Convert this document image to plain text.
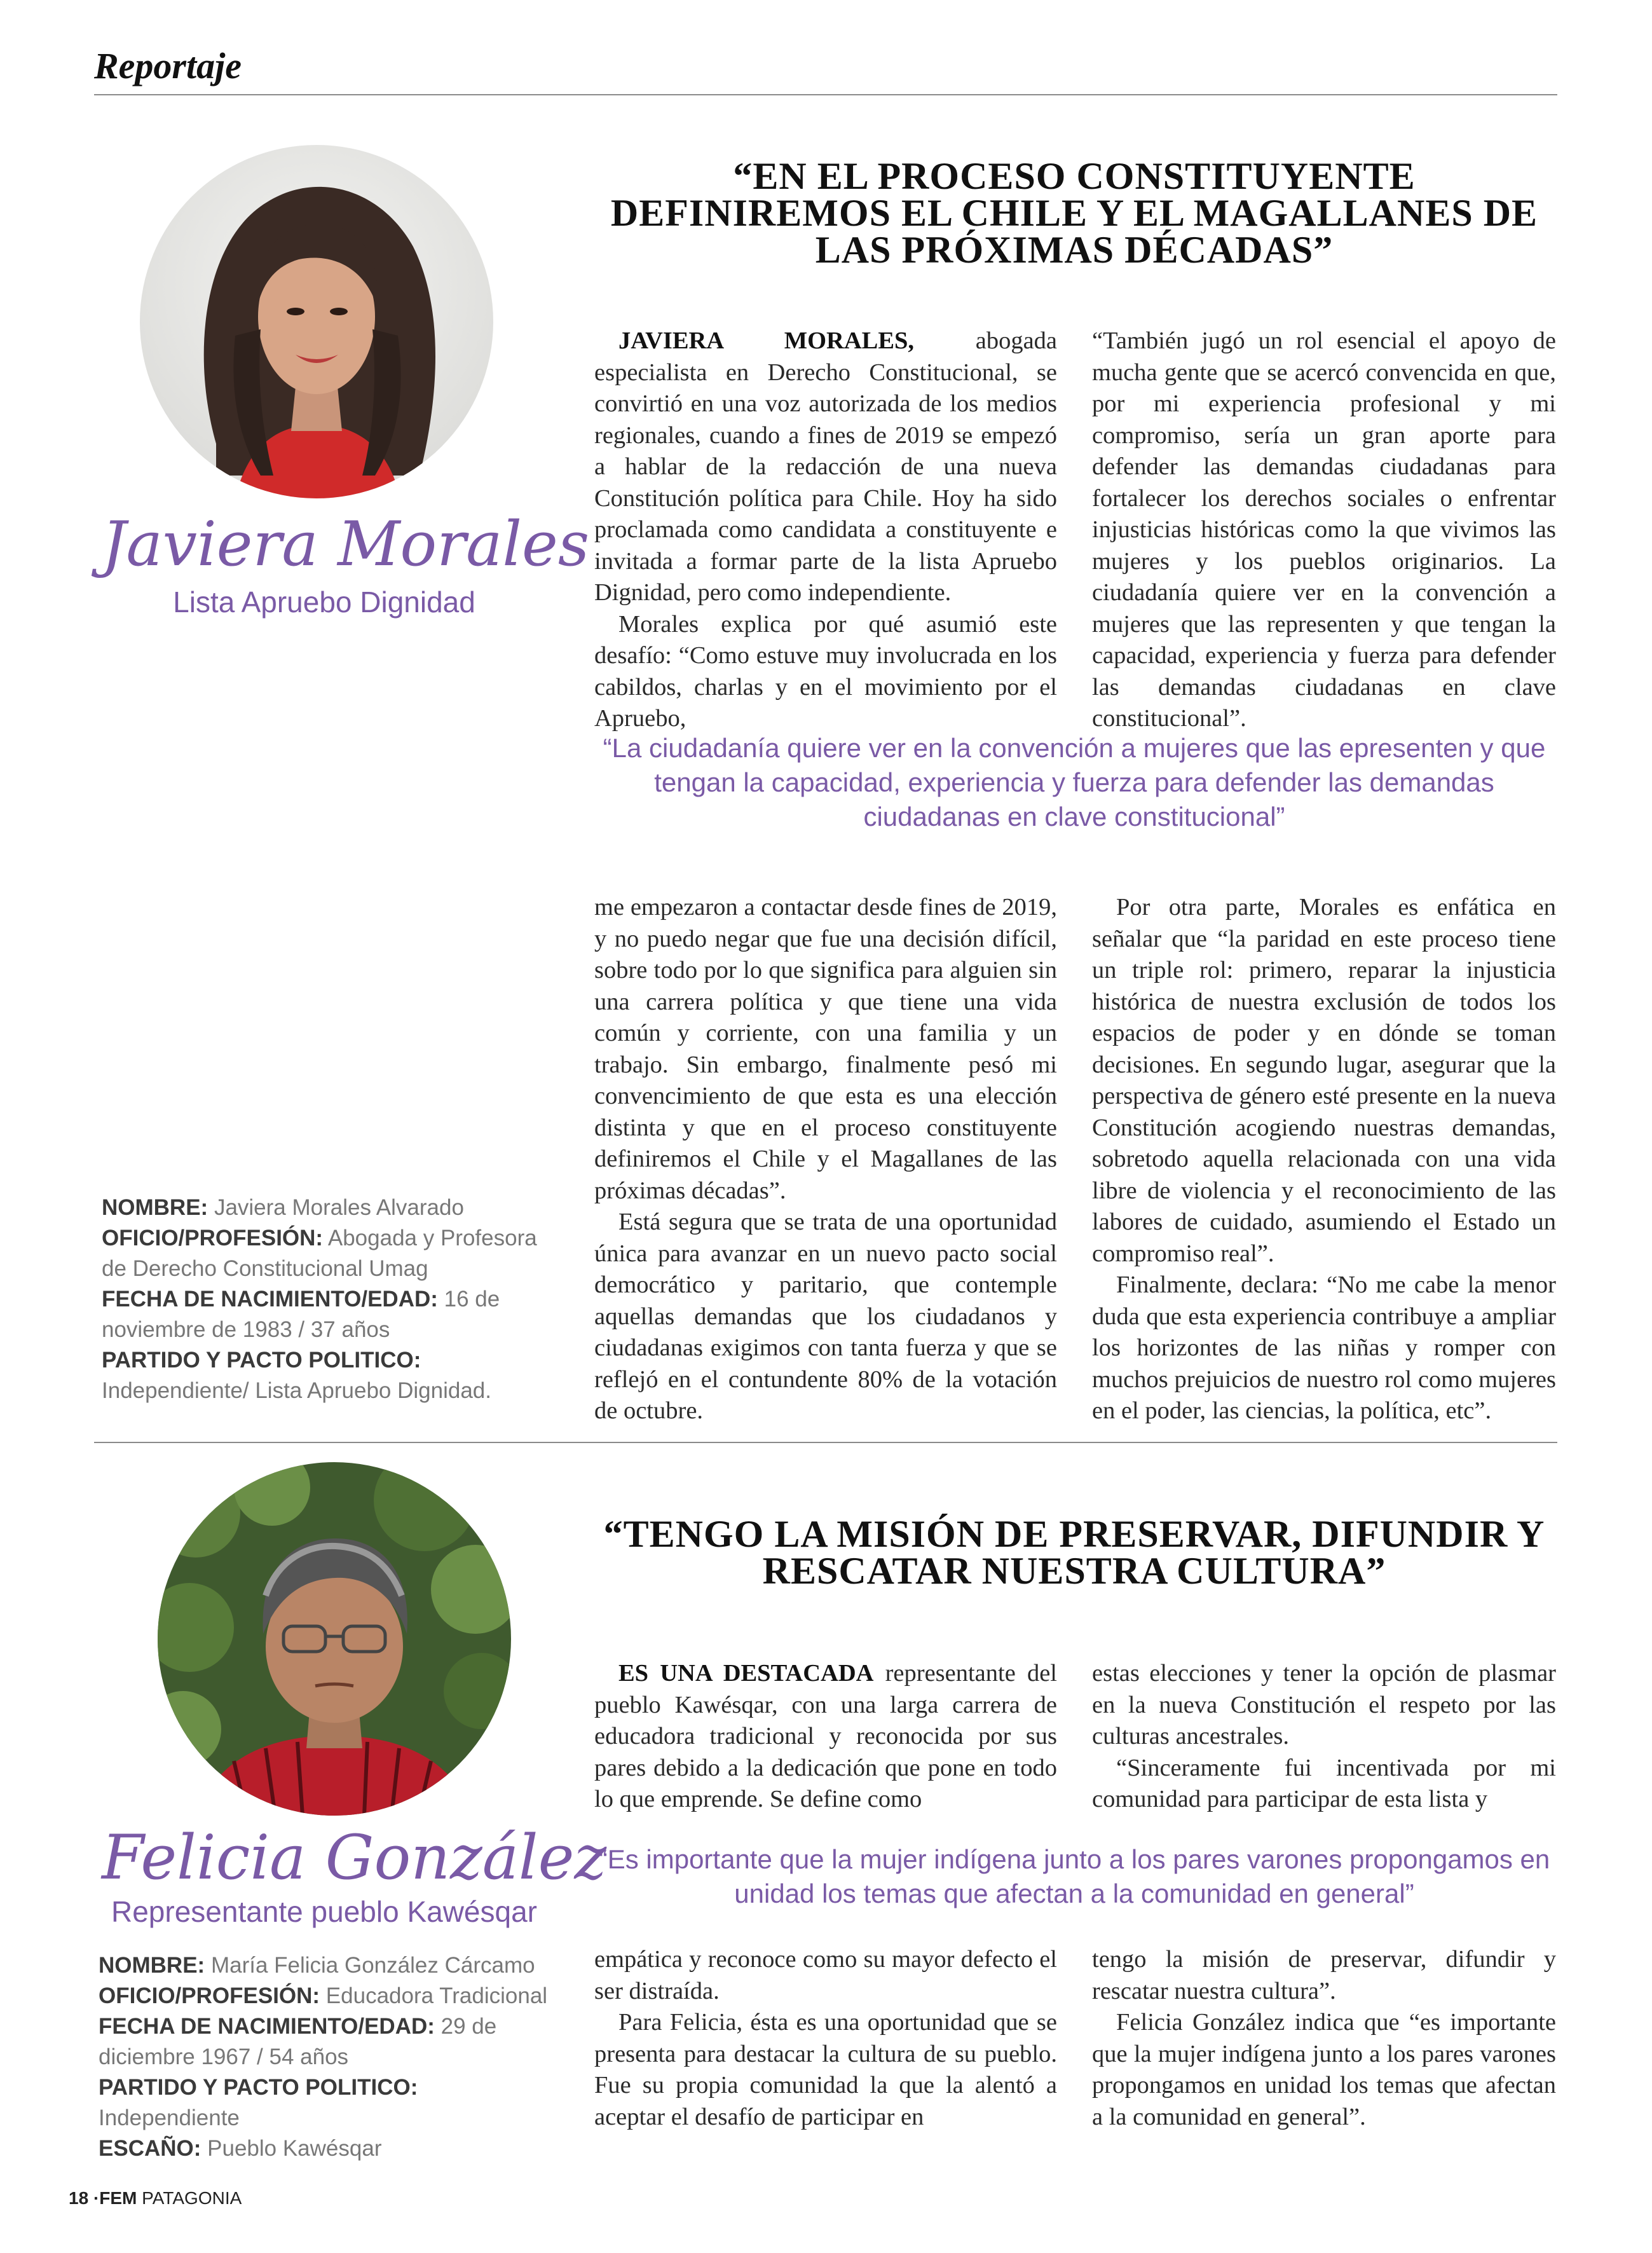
Reportaje
Javiera Morales
Lista Apruebo Dignidad
“EN EL PROCESO CONSTITUYENTE
DEFINIREMOS EL CHILE Y EL MAGALLANES DE
LAS PRÓXIMAS DÉCADAS”

JAVIERA MORALES, abogada especialista en Derecho Constitucional, se convirtió en una voz autorizada de los medios regionales, cuando a fines de 2019 se empezó a hablar de la redacción de una nueva Constitución política para Chile. Hoy ha sido proclamada como candidata a constituyente e invitada a formar parte de la lista Apruebo Dignidad, pero como independiente.

Morales explica por qué asumió este desafío: “Como estuve muy involucrada en los cabildos, charlas y en el movimiento por el Apruebo,

“También jugó un rol esencial el apoyo de mucha gente que se acercó convencida en que, por mi experiencia profesional y mi compromiso, sería un gran aporte para defender las demandas ciudadanas para fortalecer los derechos sociales o enfrentar injusticias históricas como la que vivimos las mujeres y los pueblos originarios. La ciudadanía quiere ver en la convención a mujeres que las representen y que tengan la capacidad, experiencia y fuerza para defender las demandas ciudadanas en clave constitucional”.

“La ciudadanía quiere ver en la convención a mujeres que las epresenten y que tengan la capacidad, experiencia y fuerza para defender las demandas ciudadanas en clave constitucional”

me empezaron a contactar desde fines de 2019, y no puedo negar que fue una decisión difícil, sobre todo por lo que significa para alguien sin una carrera política y que tiene una vida común y corriente, con una familia y un trabajo. Sin embargo, finalmente pesó mi convencimiento de que esta es una elección distinta y que en el proceso constituyente definiremos el Chile y el Magallanes de las próximas décadas”.

Está segura que se trata de una oportunidad única para avanzar en un nuevo pacto social democrático y paritario, que contemple aquellas demandas que los ciudadanos y ciudadanas exigimos con tanta fuerza y que se reflejó en el contundente 80% de la votación de octubre.

Por otra parte, Morales es enfática en señalar que “la paridad en este proceso tiene un triple rol: primero, reparar la injusticia histórica de nuestra exclusión de todos los espacios de poder y en dónde se toman decisiones. En segundo lugar, asegurar que la perspectiva de género esté presente en la nueva Constitución acogiendo nuestras demandas, sobretodo aquella relacionada con una vida libre de violencia y el reconocimiento de las labores de cuidado, asumiendo el Estado un compromiso real”.

Finalmente, declara: “No me cabe la menor duda que esta experiencia contribuye a ampliar los horizontes de las niñas y romper con muchos prejuicios de nuestro rol como mujeres en el poder, las ciencias, la política, etc”.

NOMBRE: Javiera Morales Alvarado
OFICIO/PROFESIÓN: Abogada y Profesora de Derecho Constitucional Umag
FECHA DE NACIMIENTO/EDAD: 16 de noviembre de 1983 / 37 años
PARTIDO Y PACTO POLITICO: Independiente/ Lista Apruebo Dignidad.
Felicia González
Representante pueblo Kawésqar
“TENGO LA MISIÓN DE PRESERVAR, DIFUNDIR Y
RESCATAR NUESTRA CULTURA”

ES UNA DESTACADA representante del pueblo Kawésqar, con una larga carrera de educadora tradicional y reconocida por sus pares debido a la dedicación que pone en todo lo que emprende. Se define como

estas elecciones y tener la opción de plasmar en la nueva Constitución el respeto por las culturas ancestrales.

“Sinceramente fui incentivada por mi comunidad para participar de esta lista y

“Es importante que la mujer indígena junto a los pares varones propongamos en unidad los temas que afectan a la comunidad en general”

empática y reconoce como su mayor defecto el ser distraída.

Para Felicia, ésta es una oportunidad que se presenta para destacar la cultura de su pueblo. Fue su propia comunidad la que la alentó a aceptar el desafío de participar en

tengo la misión de preservar, difundir y rescatar nuestra cultura”.

Felicia González indica que “es importante que la mujer indígena junto a los pares varones propongamos en unidad los temas que afectan a la comunidad en general”.

NOMBRE: María Felicia González Cárcamo
OFICIO/PROFESIÓN: Educadora Tradicional
FECHA DE NACIMIENTO/EDAD: 29 de diciembre 1967 / 54 años
PARTIDO Y PACTO POLITICO: Independiente
ESCAÑO: Pueblo Kawésqar
18 ·FEM PATAGONIA
